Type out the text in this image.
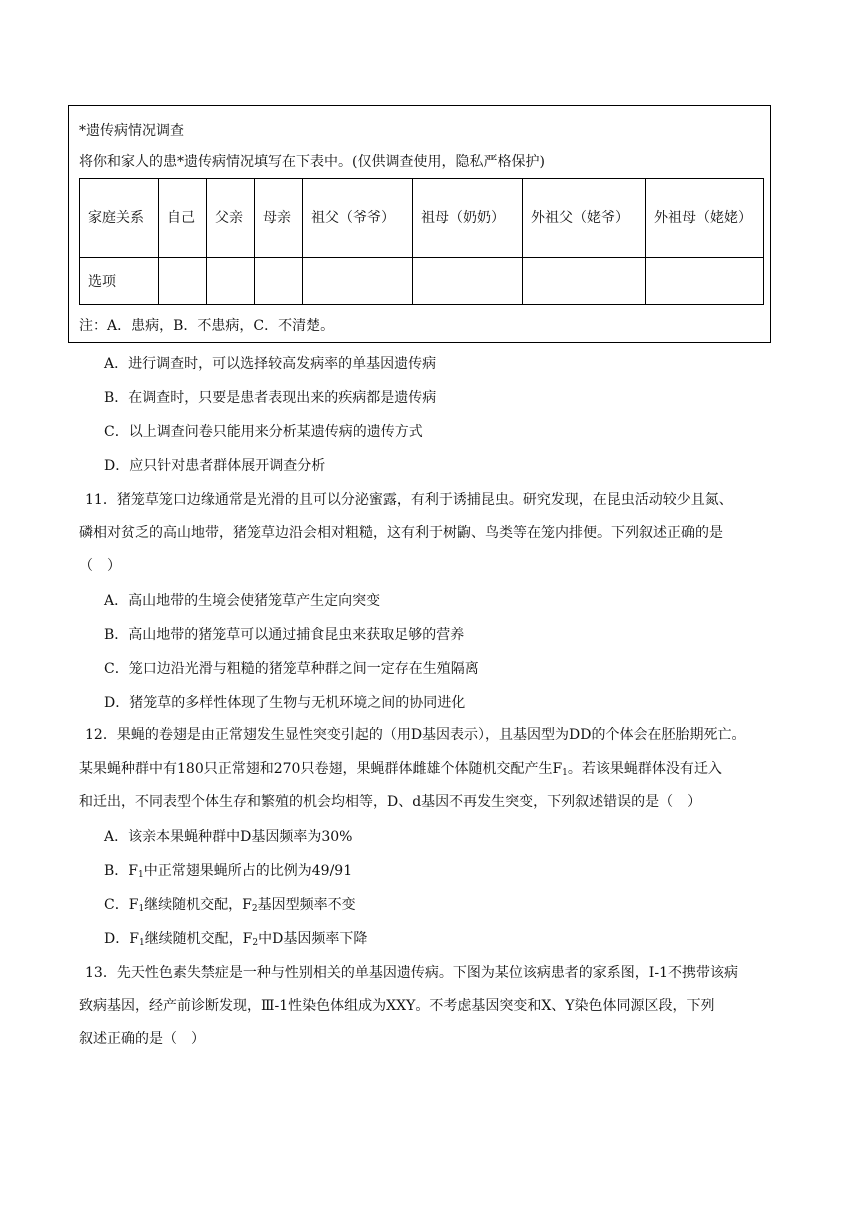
*遗传病情况调查
将你和家人的患*遗传病情况填写在下表中。(仅供调查使用，隐私严格保护)
家庭关系	自己	父亲	母亲	祖父（爷爷）	祖母（奶奶）	外祖父（姥爷）	外祖母（姥姥）
选项							
注：A．患病，B．不患病，C．不清楚。
A．进行调查时，可以选择较高发病率的单基因遗传病
B．在调查时，只要是患者表现出来的疾病都是遗传病
C．以上调查问卷只能用来分析某遗传病的遗传方式
D．应只针对患者群体展开调查分析
11．猪笼草笼口边缘通常是光滑的且可以分泌蜜露，有利于诱捕昆虫。研究发现，在昆虫活动较少且氮、
磷相对贫乏的高山地带，猪笼草边沿会相对粗糙，这有利于树鼩、鸟类等在笼内排便。下列叙述正确的是
（　）
A．高山地带的生境会使猪笼草产生定向突变
B．高山地带的猪笼草可以通过捕食昆虫来获取足够的营养
C．笼口边沿光滑与粗糙的猪笼草种群之间一定存在生殖隔离
D．猪笼草的多样性体现了生物与无机环境之间的协同进化
12．果蝇的卷翅是由正常翅发生显性突变引起的（用D基因表示），且基因型为DD的个体会在胚胎期死亡。
某果蝇种群中有180只正常翅和270只卷翅，果蝇群体雌雄个体随机交配产生$F_1$。若该果蝇群体没有迁入
和迁出，不同表型个体生存和繁殖的机会均相等，D、d基因不再发生突变，下列叙述错误的是（　）
A．该亲本果蝇种群中D基因频率为30%
B．$F_1$中正常翅果蝇所占的比例为49/91
C．$F_1$继续随机交配，$F_2$基因型频率不变
D．$F_1$继续随机交配，$F_2$中D基因频率下降
13．先天性色素失禁症是一种与性别相关的单基因遗传病。下图为某位该病患者的家系图，I-1不携带该病
致病基因，经产前诊断发现，Ⅲ-1性染色体组成为XXY。不考虑基因突变和X、Y染色体同源区段，下列
叙述正确的是（　）
